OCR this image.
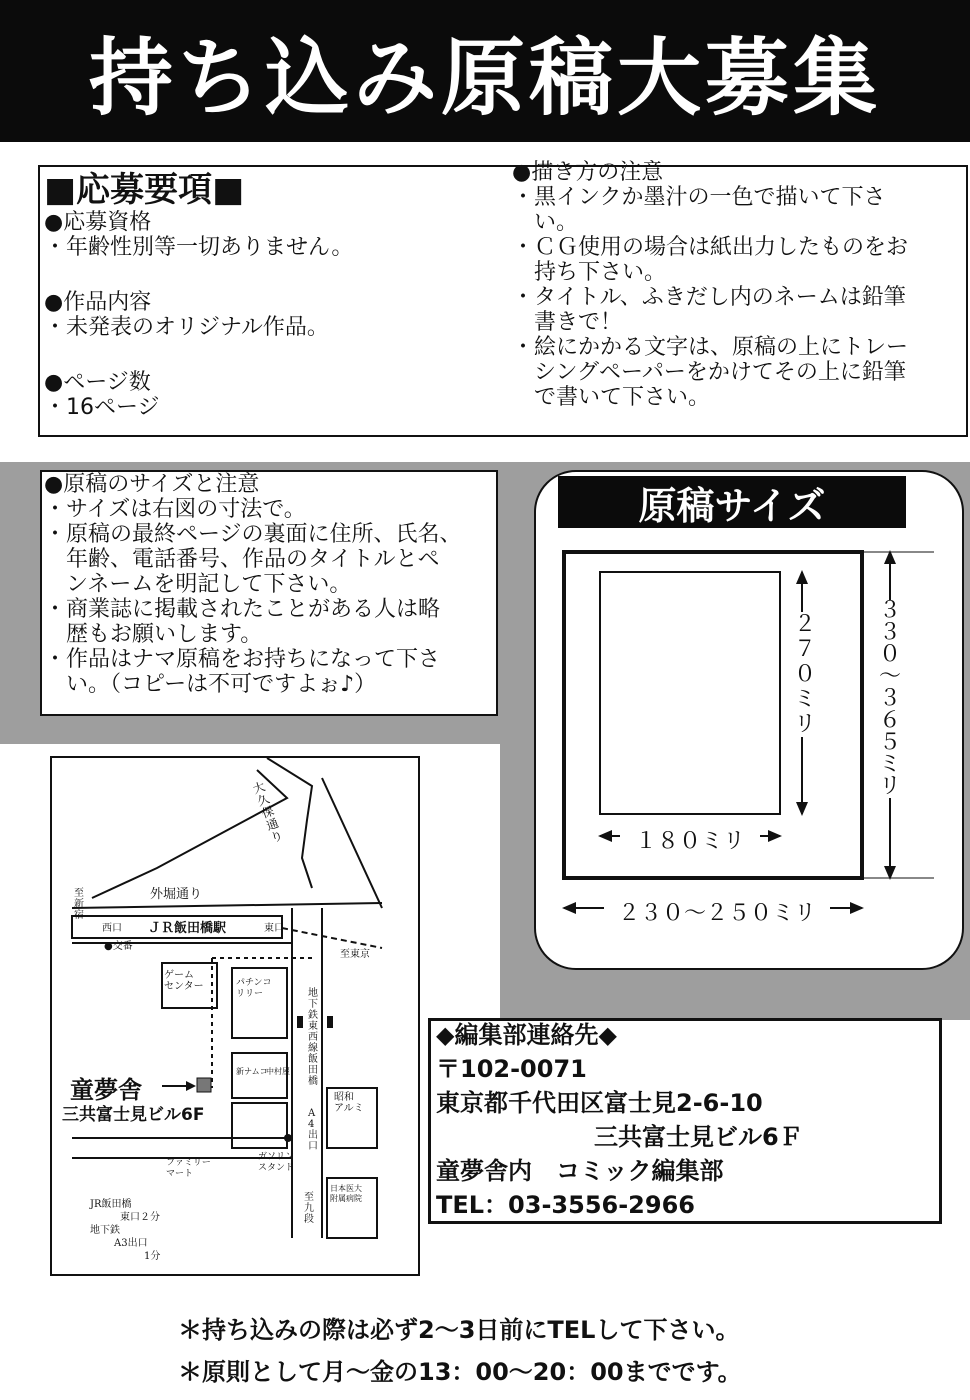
持ち込み原稿大募集
■応募要項■
●応募資格
・年齢性別等一切ありません。
●作品内容
・未発表のオリジナル作品。
●ページ数
・16ページ
●描き方の注意
・黒インクか墨汁の一色で描いて下さ
　い。
・ＣＧ使用の場合は紙出力したものをお
　持ち下さい。
・タイトル、ふきだし内のネームは鉛筆
　書きで！
・絵にかかる文字は、原稿の上にトレー
　シングペーパーをかけてその上に鉛筆
　で書いて下さい。
●原稿のサイズと注意
・サイズは右図の寸法で。
・原稿の最終ページの裏面に住所、氏名、
　年齢、電話番号、作品のタイトルとペ
　ンネームを明記して下さい。
・商業誌に掲載されたことがある人は略
　歴もお願いします。
・作品はナマ原稿をお持ちになって下さ
　い。（コピーは不可ですよぉ♪）
原稿サイズ
２７０ミリ
３３０～３６５ミリ
１８０ミリ
２３０～２５０ミリ
大久保通り
外堀通り
至新宿
至東京
至九段
西口	東口
ＪＲ飯田橋駅
●交番
ゲーム
センター	パチンコ
リリー	地下鉄東西線飯田橋
A4出口
新ナムコ
中村屋
昭和
アルミ
ガソリン
スタンド
ファミリー
マート
日本医大
附属病院
童夢舎
三共富士見ビル6F
JR飯田橋
東口２分
地下鉄
A3出口
1分
◆編集部連絡先◆
〒102-0071
東京都千代田区富士見2-6-10
三共富士見ビル6Ｆ
童夢舎内　コミック編集部
TEL：03-3556-2966
＊持ち込みの際は必ず2～3日前にTELして下さい。
＊原則として月～金の13：00～20：00までです。
